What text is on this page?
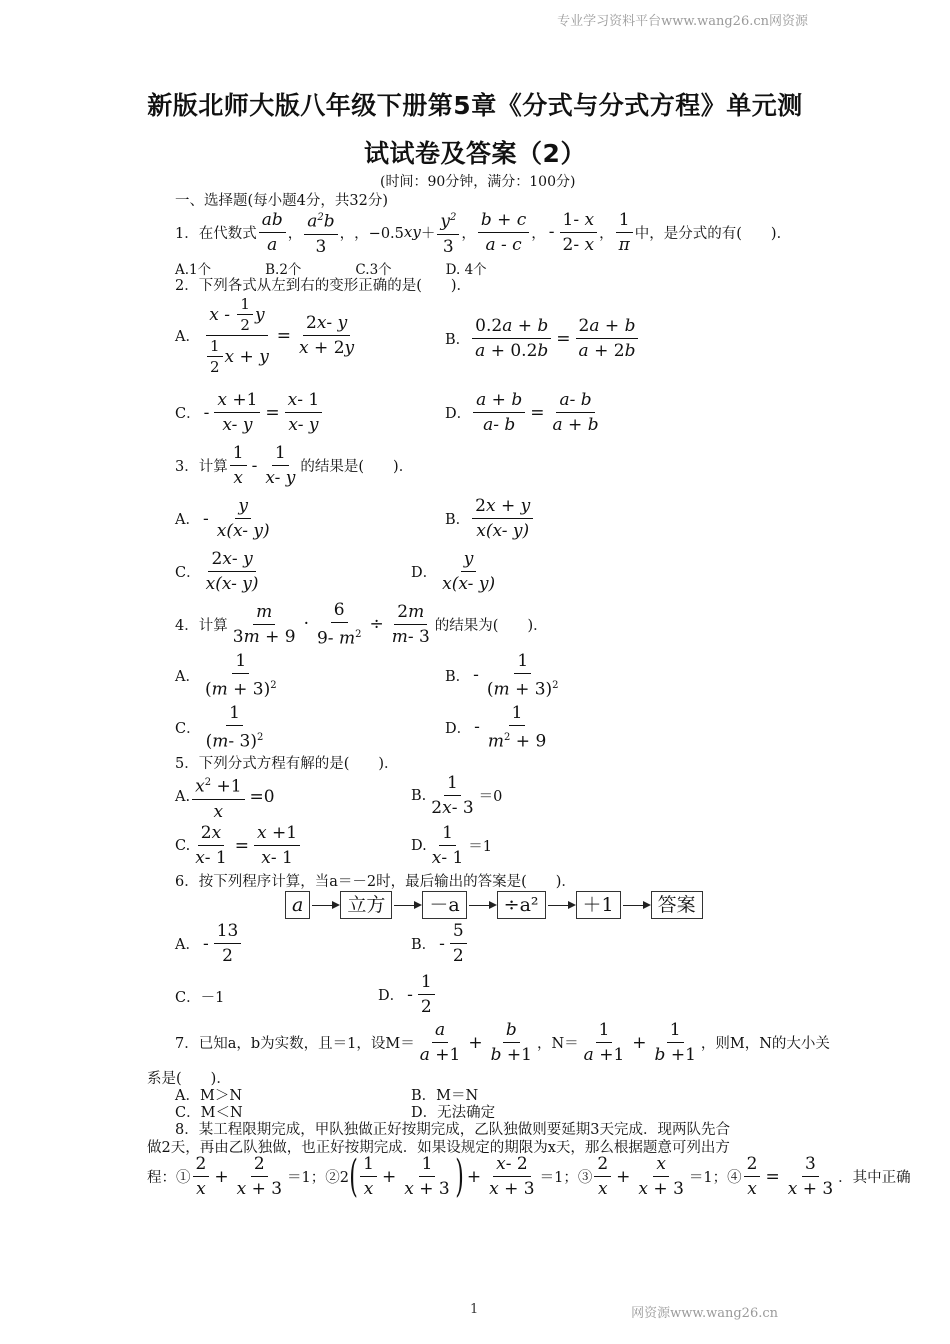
专业学习资料平台www.wang26.cn网资源
新版北师大版八年级下册第5章《分式与分式方程》单元测
试试卷及答案（2）
(时间：90分钟，满分：100分)
一、选择题(每小题4分，共32分)
1．在代数式
ab
a
，
$a^2b$
3
， ，−0.5 xy ＋
$y^2$
3
，
b + c
a - c
， -
1- x
2- x
，
1
π
中，是分式的有(　　)．
A.1个　　　　B.2个　　　　C.3个　　　　D. 4个
2．下列各式从左到右的变形正确的是(　　)．
A． x -
1
2
y
1
2
$x + y = \frac{2x- y}{x + 2y}$	B． $\frac{0.2a + b}{a + 0.2b} = \frac{2a + b}{a + 2b}$
C． - $\frac{x +1}{x- y} = \frac{x- 1}{x- y}$	D． $\frac{a + b}{a- b} = \frac{a- b}{a + b}$
3．计算
1
x
-
1
x- y
的结果是(　　)．
A． -
y
x(x- y)
B．
2x + y
x(x- y)
C．
2x- y
x(x- y)
D．
y
x(x- y)
4．计算
m
3m + 9
· $\frac{6}{9- m^2} \div \frac{2m}{m- 3}$ 的结果为(　　)．
A．
1
$(m + 3)^2$
B． -
1
$(m + 3)^2$
C．
1
(m- 3)$^2$
D． -
1
$m^2 + 9$
5．下列分式方程有解的是(　　)．
A. $\frac{x^2 +1}{x} =0$	B.
1
2x- 3
＝0
C. $\frac{2x}{x- 1} = \frac{x +1}{x- 1}$	D.
1
x- 1
＝1
6．按下列程序计算，当a＝－2时，最后输出的答案是(　　)．
a	立方	－a	÷a²	＋1	答案
A． -
13
2
B． -
5
2
C．－1	D． -
1
2
7．已知 a，b为实数，且 ＝1，设 M＝
a
a +1
+ $\frac{b}{b +1}$ ，N＝
1
a +1
+ $\frac{1}{b +1}$ ，则M，N的大小关
系是(　　)．
A．M＞N	B．M＝N
C．M＜N	D．无法确定
8．某工程限期完成，甲队独做正好按期完成，乙队独做则要延期3天完成．现两队先合
做2天，再由乙队独做，也正好按期完成．如果设规定的期限为x天，那么根据题意可列出方
程：①
2
x
+ $\frac{2}{x + 3} =1$；②2 ( 1
x
+ $\frac{1}{x + 3}$ ) + $\frac{x- 2}{x + 3} =1$；③
2
x
+ $\frac{x}{x + 3} =1$；④ $\frac{2}{x} = \frac{3}{x + 3}$ ．其中正确
1	网资源www.wang26.cn
